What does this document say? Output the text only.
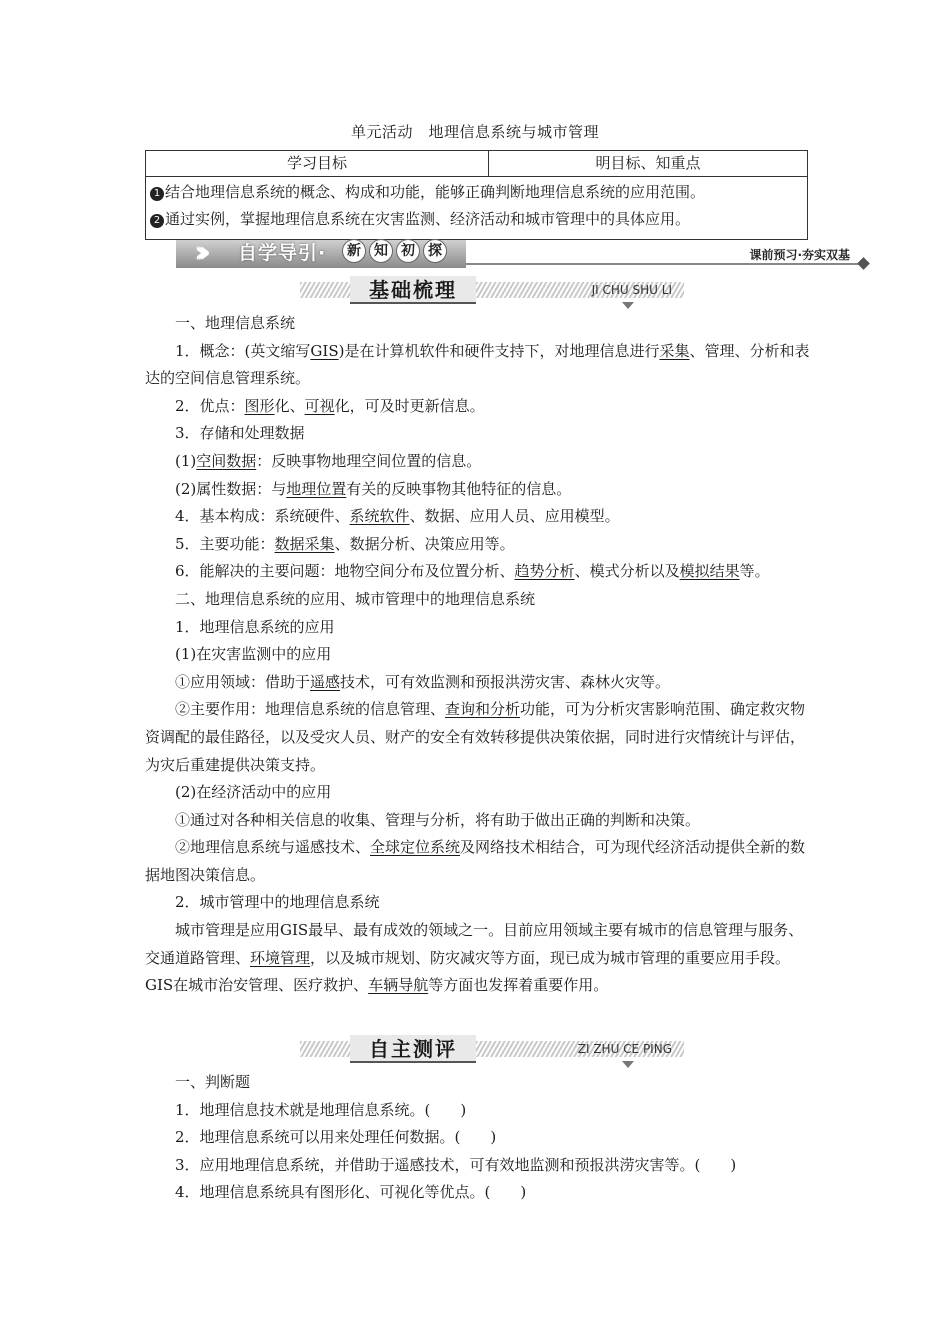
单元活动　地理信息系统与城市管理
学习目标	明目标、知重点

1 结合地理信息系统的概念、构成和功能，能够正确判断地理信息系统的应用范围。
2 通过实例，掌握地理信息系统在灾害监测、经济活动和城市管理中的具体应用。
››› 自学导引·	新 知 初 探	课前预习·夯实双基
基础梳理	JI CHU SHU LI

一、地理信息系统

1．概念：(英文缩写GIS)是在计算机软件和硬件支持下，对地理信息进行采集、管理、分析和表达的空间信息管理系统。

2．优点：图形化、可视化，可及时更新信息。

3．存储和处理数据

(1)空间数据：反映事物地理空间位置的信息。

(2)属性数据：与地理位置有关的反映事物其他特征的信息。

4．基本构成：系统硬件、系统软件、数据、应用人员、应用模型。

5．主要功能：数据采集、数据分析、决策应用等。

6．能解决的主要问题：地物空间分布及位置分析、趋势分析、模式分析以及模拟结果等。

二、地理信息系统的应用、城市管理中的地理信息系统

1．地理信息系统的应用

(1)在灾害监测中的应用

①应用领域：借助于遥感技术，可有效监测和预报洪涝灾害、森林火灾等。

②主要作用：地理信息系统的信息管理、查询和分析功能，可为分析灾害影响范围、确定救灾物资调配的最佳路径，以及受灾人员、财产的安全有效转移提供决策依据，同时进行灾情统计与评估，为灾后重建提供决策支持。

(2)在经济活动中的应用

①通过对各种相关信息的收集、管理与分析，将有助于做出正确的判断和决策。

②地理信息系统与遥感技术、全球定位系统及网络技术相结合，可为现代经济活动提供全新的数据地图决策信息。

2．城市管理中的地理信息系统

城市管理是应用GIS最早、最有成效的领域之一。目前应用领域主要有城市的信息管理与服务、交通道路管理、环境管理，以及城市规划、防灾减灾等方面，现已成为城市管理的重要应用手段。GIS在城市治安管理、医疗救护、车辆导航等方面也发挥着重要作用。

自主测评	ZI ZHU CE PING

一、判断题

1．地理信息技术就是地理信息系统。(　　)

2．地理信息系统可以用来处理任何数据。(　　)

3．应用地理信息系统，并借助于遥感技术，可有效地监测和预报洪涝灾害等。(　　)

4．地理信息系统具有图形化、可视化等优点。(　　)
